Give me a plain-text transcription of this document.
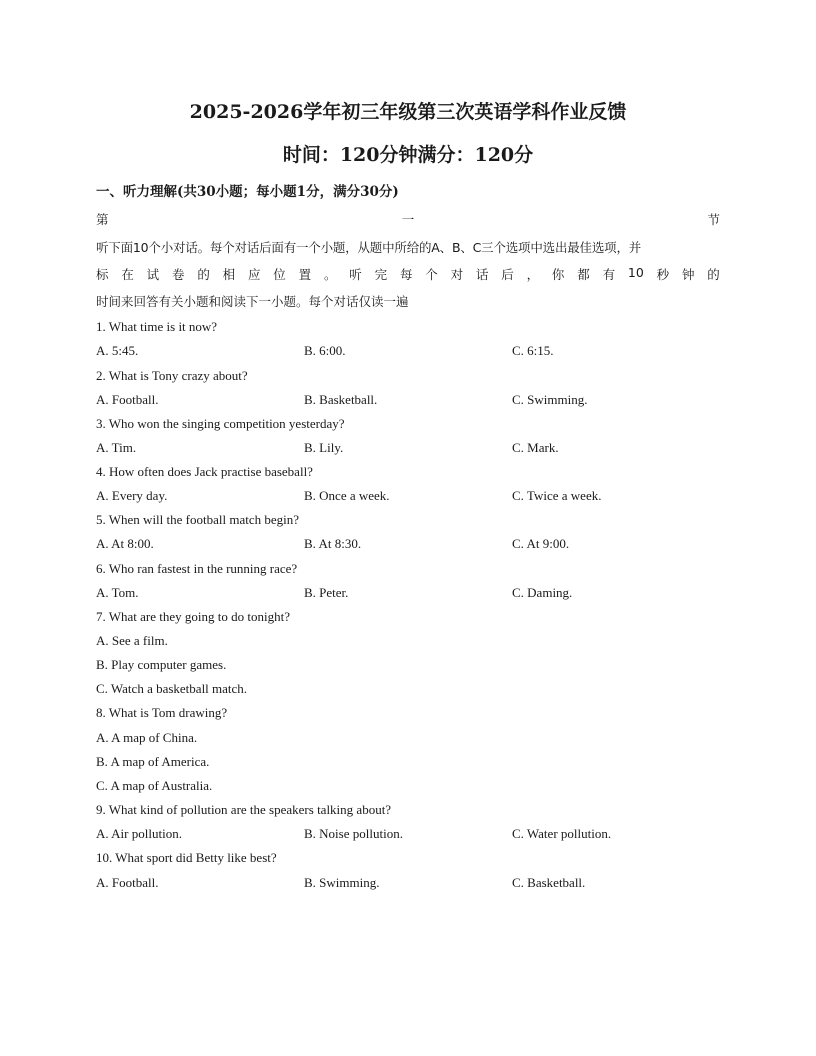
2025-2026学年初三年级第三次英语学科作业反馈
时间：120分钟满分：120分
一、听力理解(共30小题；每小题1分，满分30分)
第	一	节
听下面10个小对话。每个对话后面有一个小题，从题中所给的A、B、C三个选项中选出最佳选项，并
标 在 试 卷 的 相 应 位 置 。 听 完 每 个 对 话 后 ， 你 都 有 10 秒 钟 的
时间来回答有关小题和阅读下一小题。每个对话仅读一遍
1. What time is it now?
A. 5:45.	B. 6:00.	C. 6:15.
2. What is Tony crazy about?
A. Football.	B. Basketball.	C. Swimming.
3. Who won the singing competition yesterday?
A. Tim.	B. Lily.	C. Mark.
4. How often does Jack practise baseball?
A. Every day.	B. Once a week.	C. Twice a week.
5. When will the football match begin?
A. At 8:00.	B. At 8:30.	C. At 9:00.
6. Who ran fastest in the running race?
A. Tom.	B. Peter.	C. Daming.
7. What are they going to do tonight?
A. See a film.
B. Play computer games.
C. Watch a basketball match.
8. What is Tom drawing?
A. A map of China.
B. A map of America.
C. A map of Australia.
9. What kind of pollution are the speakers talking about?
A. Air pollution.	B. Noise pollution.	C. Water pollution.
10. What sport did Betty like best?
A. Football.	B. Swimming.	C. Basketball.
